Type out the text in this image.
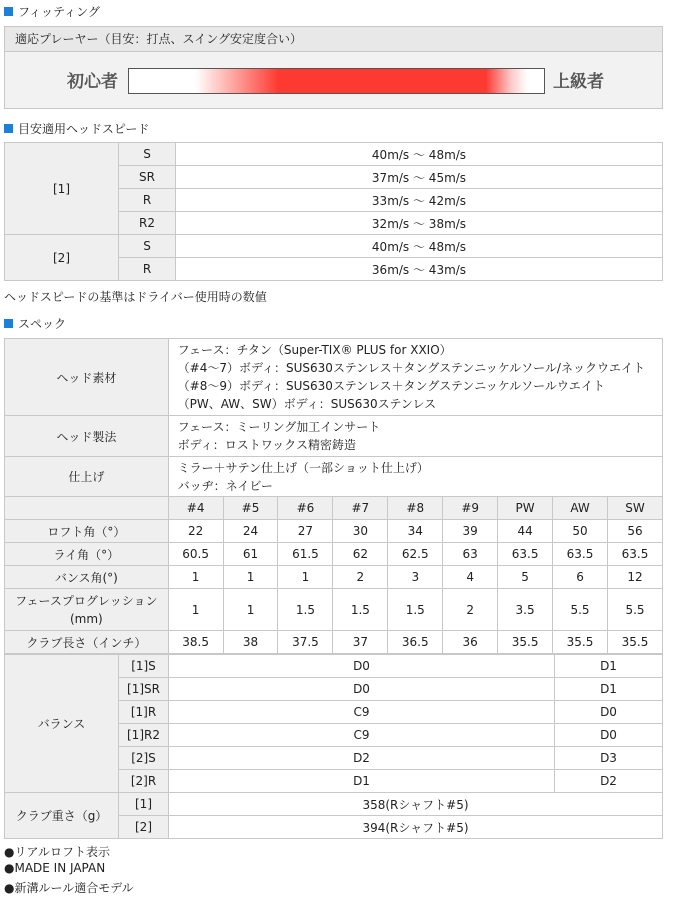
フィッティング
適応プレーヤー（目安：打点、スイング安定度合い）
初心者	上級者
目安適用ヘッドスピード
[1]	S	40m/s 〜 48m/s
	SR	37m/s 〜 45m/s
	R	33m/s 〜 42m/s
	R2	32m/s 〜 38m/s
[2]	S	40m/s 〜 48m/s
	R	36m/s 〜 43m/s
ヘッドスピードの基準はドライバー使用時の数値
スペック
ヘッド素材	フェース：チタン（Super-TIX® PLUS for XXIO）
（#4〜7）ボディ：SUS630ステンレス＋タングステンニッケルソール/ネックウエイト
（#8〜9）ボディ：SUS630ステンレス＋タングステンニッケルソールウエイト
（PW、AW、SW）ボディ：SUS630ステンレス								

ヘッド製法	フェース：ミーリング加工インサート
ボディ：ロストワックス精密鋳造								

仕上げ	ミラー＋サテン仕上げ（一部ショット仕上げ）
バッヂ：ネイビー								

	#4	#5	#6	#7	#8	#9	PW	AW	SW
ロフト角（°）	22	24	27	30	34	39	44	50	56
ライ角（°）	60.5	61	61.5	62	62.5	63	63.5	63.5	63.5
バンス角(°)	1	1	1	2	3	4	5	6	12

フェースプログレッション
(mm)	1	1	1.5	1.5	1.5	2	3.5	5.5	5.5
クラブ長さ（インチ）	38.5	38	37.5	37	36.5	36	35.5	35.5	35.5
バランス	[1]S	D0	D1
	[1]SR	D0	D1
	[1]R	C9	D0
	[1]R2	C9	D0
	[2]S	D2	D3
	[2]R	D1	D2
クラブ重さ（g）	[1]	358(Rシャフト#5)	
	[2]	394(Rシャフト#5)	
●リアルロフト表示
●MADE IN JAPAN
●新溝ルール適合モデル
